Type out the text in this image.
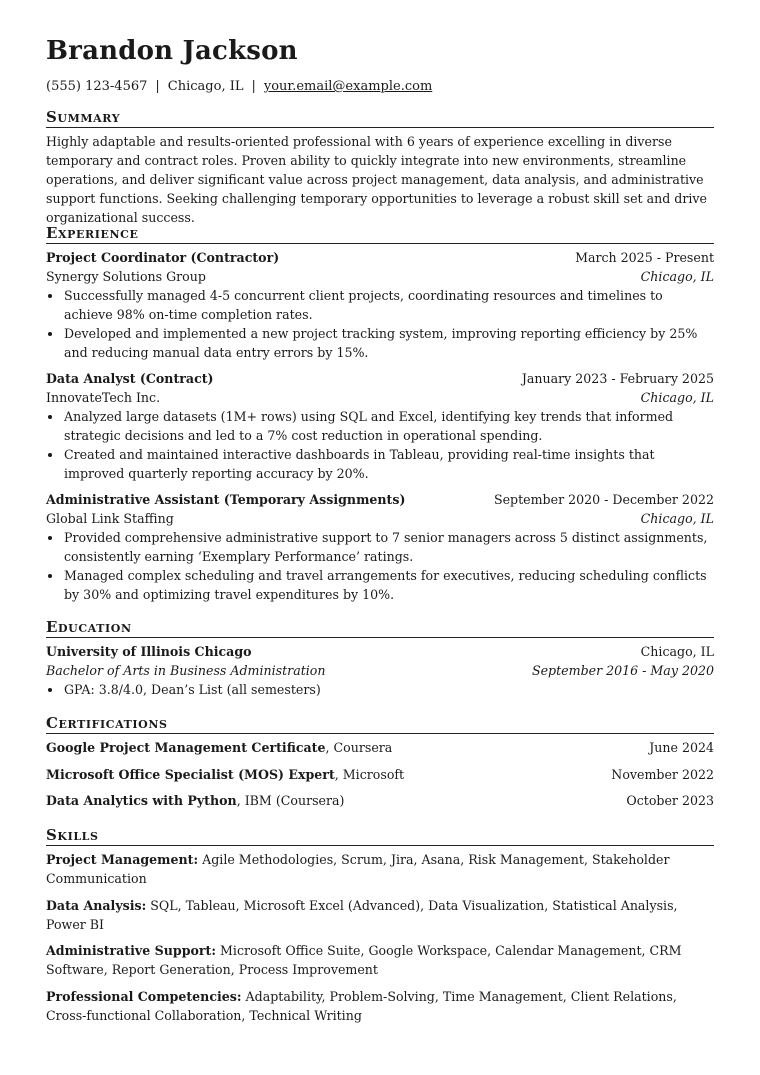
Brandon Jackson
(555) 123-4567 | Chicago, IL | your.email@example.com
Summary

Highly adaptable and results-oriented professional with 6 years of experience excelling in diverse temporary and contract roles. Proven ability to quickly integrate into new environments, streamline operations, and deliver significant value across project management, data analysis, and administrative support functions. Seeking challenging temporary opportunities to leverage a robust skill set and drive organizational success.

Experience
Project Coordinator (Contractor)	March 2025 - Present
Synergy Solutions Group	Chicago, IL
• Successfully managed 4-5 concurrent client projects, coordinating resources and timelines to achieve 98% on-time completion rates.
• Developed and implemented a new project tracking system, improving reporting efficiency by 25% and reducing manual data entry errors by 15%.
Data Analyst (Contract)	January 2023 - February 2025
InnovateTech Inc.	Chicago, IL
• Analyzed large datasets (1M+ rows) using SQL and Excel, identifying key trends that informed strategic decisions and led to a 7% cost reduction in operational spending.
• Created and maintained interactive dashboards in Tableau, providing real-time insights that improved quarterly reporting accuracy by 20%.
Administrative Assistant (Temporary Assignments)	September 2020 - December 2022
Global Link Staffing	Chicago, IL
• Provided comprehensive administrative support to 7 senior managers across 5 distinct assignments, consistently earning ‘Exemplary Performance’ ratings.
• Managed complex scheduling and travel arrangements for executives, reducing scheduling conflicts by 30% and optimizing travel expenditures by 10%.
Education
University of Illinois Chicago	Chicago, IL
Bachelor of Arts in Business Administration	September 2016 - May 2020
• GPA: 3.8/4.0, Dean’s List (all semesters)
Certifications
Google Project Management Certificate, Coursera	June 2024
Microsoft Office Specialist (MOS) Expert, Microsoft	November 2022
Data Analytics with Python, IBM (Coursera)	October 2023
Skills

Project Management: Agile Methodologies, Scrum, Jira, Asana, Risk Management, Stakeholder Communication

Data Analysis: SQL, Tableau, Microsoft Excel (Advanced), Data Visualization, Statistical Analysis, Power BI

Administrative Support: Microsoft Office Suite, Google Workspace, Calendar Management, CRM Software, Report Generation, Process Improvement

Professional Competencies: Adaptability, Problem-Solving, Time Management, Client Relations, Cross-functional Collaboration, Technical Writing
